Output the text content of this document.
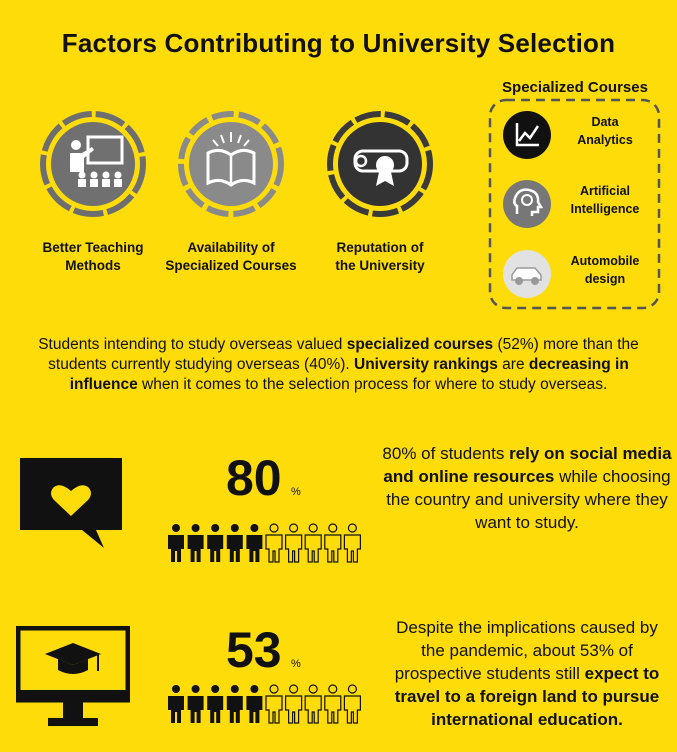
Factors Contributing to University Selection
Better Teaching
Methods
Availability of
Specialized Courses
Reputation of
the University
Specialized Courses
Data
Analytics
Artificial
Intelligence
Automobile
design
Students intending to study overseas valued specialized courses (52%) more than the students currently studying overseas (40%). University rankings are decreasing in influence when it comes to the selection process for where to study overseas.
80 %
80% of students rely on social media and online resources while choosing the country and university where they want to study.
53 %
Despite the implications caused by the pandemic, about 53% of prospective students still expect to travel to a foreign land to pursue international education.
